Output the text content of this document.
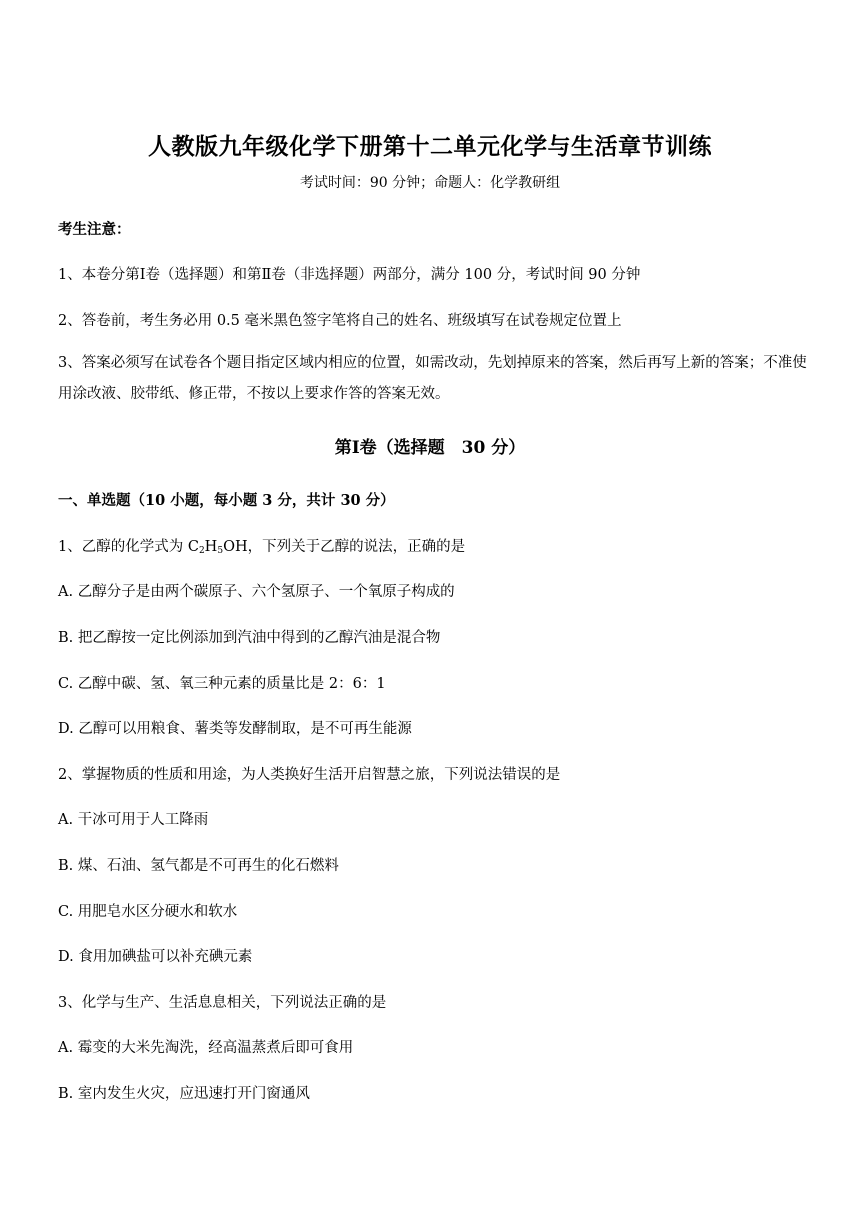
人教版九年级化学下册第十二单元化学与生活章节训练
考试时间：90 分钟；命题人：化学教研组
考生注意：
1、本卷分第Ⅰ卷（选择题）和第Ⅱ卷（非选择题）两部分，满分 100 分，考试时间 90 分钟
2、答卷前，考生务必用 0.5 毫米黑色签字笔将自己的姓名、班级填写在试卷规定位置上
3、答案必须写在试卷各个题目指定区域内相应的位置，如需改动，先划掉原来的答案，然后再写上新的答案；不准使用涂改液、胶带纸、修正带，不按以上要求作答的答案无效。
第Ⅰ卷（选择题　30 分）
一、单选题（10 小题，每小题 3 分，共计 30 分）
1、乙醇的化学式为 $C_2H_5OH$，下列关于乙醇的说法，正确的是
A. 乙醇分子是由两个碳原子、六个氢原子、一个氧原子构成的
B. 把乙醇按一定比例添加到汽油中得到的乙醇汽油是混合物
C. 乙醇中碳、氢、氧三种元素的质量比是 2：6：1
D. 乙醇可以用粮食、薯类等发酵制取，是不可再生能源
2、掌握物质的性质和用途，为人类换好生活开启智慧之旅，下列说法错误的是
A. 干冰可用于人工降雨
B. 煤、石油、氢气都是不可再生的化石燃料
C. 用肥皂水区分硬水和软水
D. 食用加碘盐可以补充碘元素
3、化学与生产、生活息息相关，下列说法正确的是
A. 霉变的大米先淘洗，经高温蒸煮后即可食用
B. 室内发生火灾，应迅速打开门窗通风
